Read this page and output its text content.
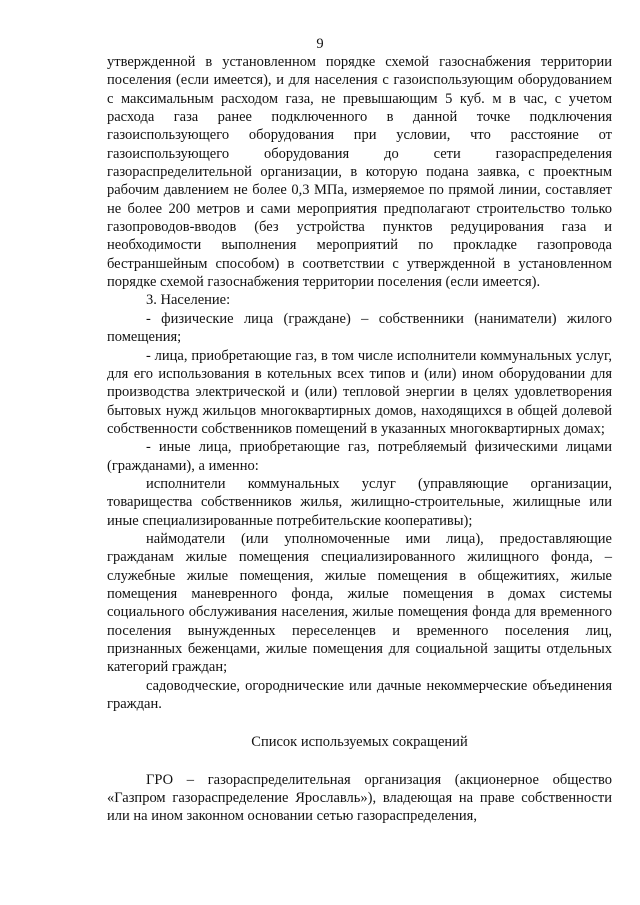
9

утвержденной в установленном порядке схемой газоснабжения территории поселения (если имеется), и для населения с газоиспользующим оборудованием с максимальным расходом газа, не превышающим 5 куб. м в час, с учетом расхода газа ранее подключенного в данной точке подключения газоиспользующего оборудования при условии, что расстояние от газоиспользующего оборудования до сети газораспределения газораспределительной организации, в которую подана заявка, с проектным рабочим давлением не более 0,3 МПа, измеряемое по прямой линии, составляет не более 200 метров и сами мероприятия предполагают строительство только газопроводов-вводов (без устройства пунктов редуцирования газа и необходимости выполнения мероприятий по прокладке газопровода бестраншейным способом) в соответствии с утвержденной в установленном порядке схемой газоснабжения территории поселения (если имеется).

3. Население:

- физические лица (граждане) – собственники (наниматели) жилого помещения;

- лица, приобретающие газ, в том числе исполнители коммунальных услуг, для его использования в котельных всех типов и (или) ином оборудовании для производства электрической и (или) тепловой энергии в целях удовлетворения бытовых нужд жильцов многоквартирных домов, находящихся в общей долевой собственности собственников помещений в указанных многоквартирных домах;

- иные лица, приобретающие газ, потребляемый физическими лицами (гражданами), а именно:

исполнители коммунальных услуг (управляющие организации, товарищества собственников жилья, жилищно-строительные, жилищные или иные специализированные потребительские кооперативы);

наймодатели (или уполномоченные ими лица), предоставляющие гражданам жилые помещения специализированного жилищного фонда, – служебные жилые помещения, жилые помещения в общежитиях, жилые помещения маневренного фонда, жилые помещения в домах системы социального обслуживания населения, жилые помещения фонда для временного поселения вынужденных переселенцев и временного поселения лиц, признанных беженцами, жилые помещения для социальной защиты отдельных категорий граждан;

садоводческие, огороднические или дачные некоммерческие объединения граждан.

Список используемых сокращений

ГРО – газораспределительная организация (акционерное общество «Газпром газораспределение Ярославль»), владеющая на праве собственности или на ином законном основании сетью газораспределения,
